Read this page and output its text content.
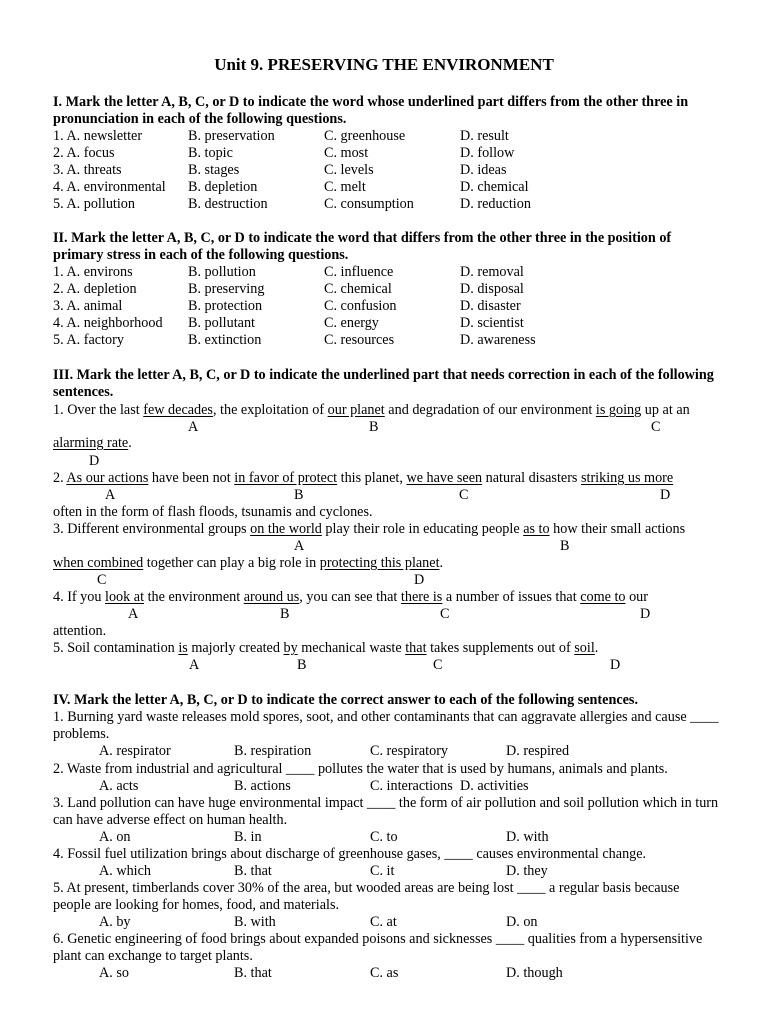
Unit 9. PRESERVING THE ENVIRONMENT
I. Mark the letter A, B, C, or D to indicate the word whose underlined part differs from the other three in
pronunciation in each of the following questions.
1. A. newsletter	B. preservation	C. greenhouse	D. result
2. A. focus	B. topic	C. most	D. follow
3. A. threats	B. stages	C. levels	D. ideas
4. A. environmental B. depletion	C. melt	D. chemical
5. A. pollution	B. destruction	C. consumption	D. reduction
II. Mark the letter A, B, C, or D to indicate the word that differs from the other three in the position of
primary stress in each of the following questions.
1. A. environs	B. pollution	C. influence	D. removal
2. A. depletion	B. preserving	C. chemical	D. disposal
3. A. animal	B. protection	C. confusion	D. disaster
4. A. neighborhood B. pollutant	C. energy	D. scientist
5. A. factory	B. extinction	C. resources	D. awareness
III. Mark the letter A, B, C, or D to indicate the underlined part that needs correction in each of the following
sentences.
1. Over the last few decades, the exploitation of our planet and degradation of our environment is going up at an
A	B	C
alarming rate.
D
2. As our actions have been not in favor of protect this planet, we have seen natural disasters striking us more
A	B	C	D
often in the form of flash floods, tsunamis and cyclones.
3. Different environmental groups on the world play their role in educating people as to how their small actions
A	B
when combined together can play a big role in protecting this planet.
C	D
4. If you look at the environment around us, you can see that there is a number of issues that come to our
A	B	C	D
attention.
5. Soil contamination is majorly created by mechanical waste that takes supplements out of soil.
A	B	C	D
IV. Mark the letter A, B, C, or D to indicate the correct answer to each of the following sentences.
1. Burning yard waste releases mold spores, soot, and other contaminants that can aggravate allergies and cause ____
problems.
A. respirator	B. respiration	C. respiratory	D. respired
2. Waste from industrial and agricultural ____ pollutes the water that is used by humans, animals and plants.
A. acts	B. actions	C. interactions D. activities
3. Land pollution can have huge environmental impact ____ the form of air pollution and soil pollution which in turn
can have adverse effect on human health.
A. on	B. in	C. to	D. with
4. Fossil fuel utilization brings about discharge of greenhouse gases, ____ causes environmental change.
A. which	B. that	C. it	D. they
5. At present, timberlands cover 30% of the area, but wooded areas are being lost ____ a regular basis because
people are looking for homes, food, and materials.
A. by	B. with	C. at	D. on
6. Genetic engineering of food brings about expanded poisons and sicknesses ____ qualities from a hypersensitive
plant can exchange to target plants.
A. so	B. that	C. as	D. though
